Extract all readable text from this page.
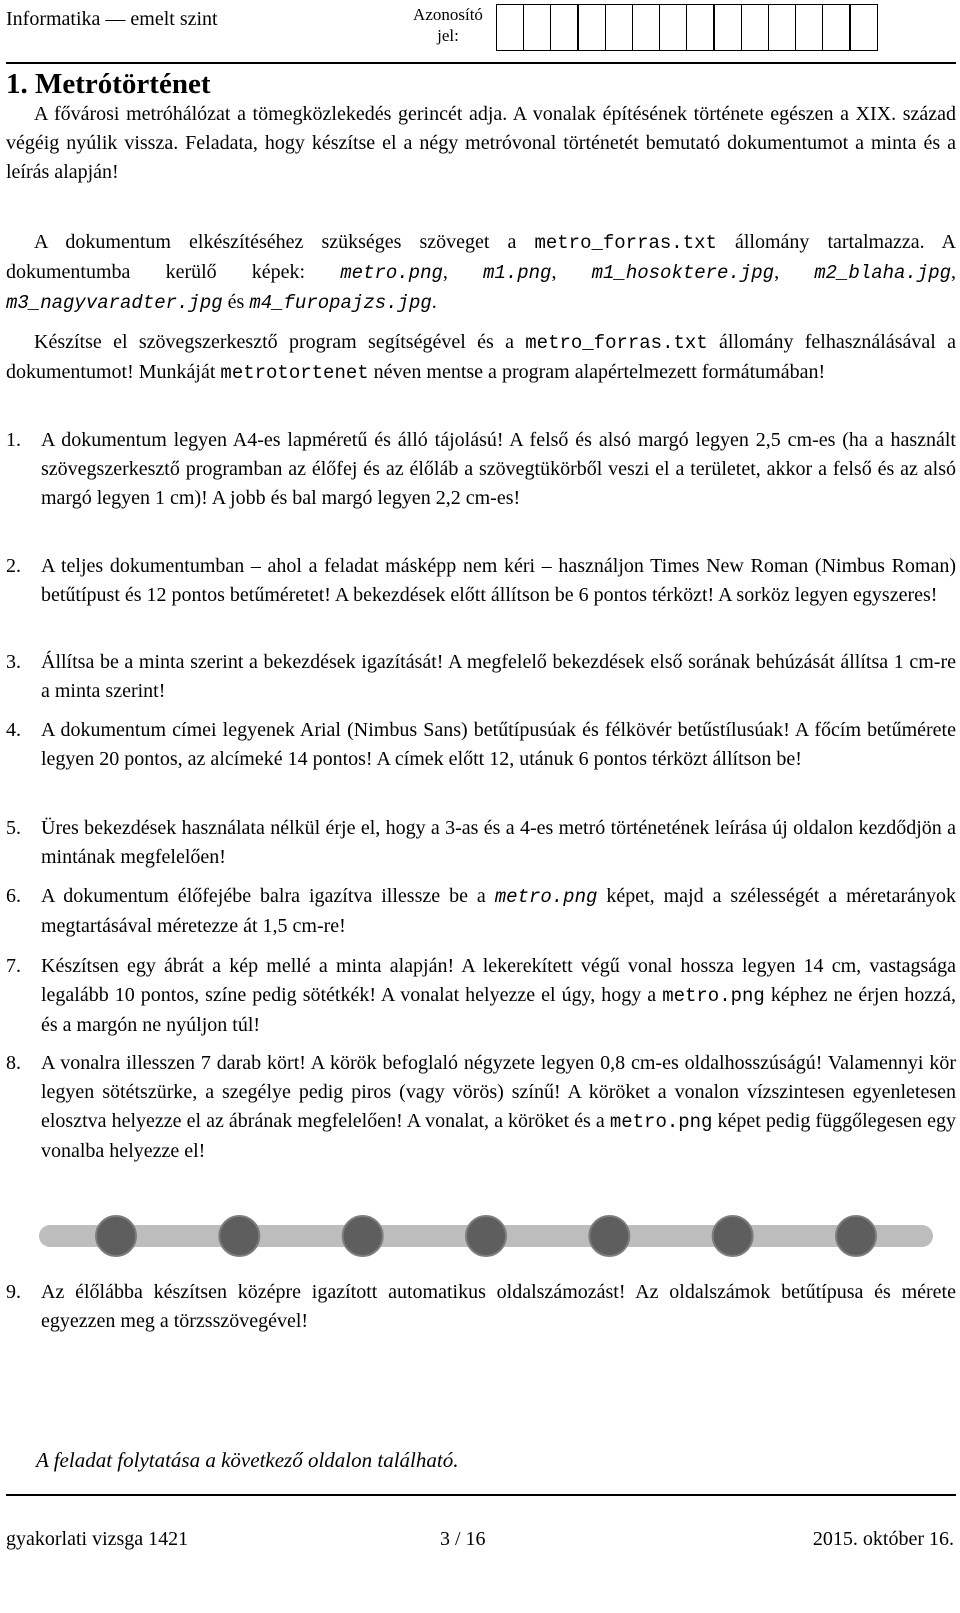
Informatika — emelt szint	Azonosító jel:
1. Metrótörténet
A fővárosi metróhálózat a tömegközlekedés gerincét adja. A vonalak építésének története egészen a XIX. század végéig nyúlik vissza. Feladata, hogy készítse el a négy metróvonal történetét bemutató dokumentumot a minta és a leírás alapján!
A dokumentum elkészítéséhez szükséges szöveget a metro_forras.txt állomány tartalmazza. A dokumentumba kerülő képek: metro.png, m1.png, m1_hosoktere.jpg, m2_blaha.jpg, m3_nagyvaradter.jpg és m4_furopajzs.jpg.
Készítse el szövegszerkesztő program segítségével és a metro_forras.txt állomány felhasználásával a dokumentumot! Munkáját metrotortenet néven mentse a program alapértelmezett formátumában!
1. A dokumentum legyen A4-es lapméretű és álló tájolású! A felső és alsó margó legyen 2,5 cm-es (ha a használt szövegszerkesztő programban az élőfej és az élőláb a szövegtükörből veszi el a területet, akkor a felső és az alsó margó legyen 1 cm)! A jobb és bal margó legyen 2,2 cm-es!
2. A teljes dokumentumban – ahol a feladat másképp nem kéri – használjon Times New Roman (Nimbus Roman) betűtípust és 12 pontos betűméretet! A bekezdések előtt állítson be 6 pontos térközt! A sorköz legyen egyszeres!
3. Állítsa be a minta szerint a bekezdések igazítását! A megfelelő bekezdések első sorának behúzását állítsa 1 cm-re a minta szerint!
4. A dokumentum címei legyenek Arial (Nimbus Sans) betűtípusúak és félkövér betűstílusúak! A főcím betűmérete legyen 20 pontos, az alcímeké 14 pontos! A címek előtt 12, utánuk 6 pontos térközt állítson be!
5. Üres bekezdések használata nélkül érje el, hogy a 3-as és a 4-es metró történetének leírása új oldalon kezdődjön a mintának megfelelően!
6. A dokumentum élőfejébe balra igazítva illessze be a metro.png képet, majd a szélességét a méretarányok megtartásával méretezze át 1,5 cm-re!
7. Készítsen egy ábrát a kép mellé a minta alapján! A lekerekített végű vonal hossza legyen 14 cm, vastagsága legalább 10 pontos, színe pedig sötétkék! A vonalat helyezze el úgy, hogy a metro.png képhez ne érjen hozzá, és a margón ne nyúljon túl!
8. A vonalra illesszen 7 darab kört! A körök befoglaló négyzete legyen 0,8 cm-es oldalhosszúságú! Valamennyi kör legyen sötétszürke, a szegélye pedig piros (vagy vörös) színű! A köröket a vonalon vízszintesen egyenletesen elosztva helyezze el az ábrának megfelelően! A vonalat, a köröket és a metro.png képet pedig függőlegesen egy vonalba helyezze el!
9. Az élőlábba készítsen középre igazított automatikus oldalszámozást! Az oldalszámok betűtípusa és mérete egyezzen meg a törzsszövegével!
A feladat folytatása a következő oldalon található.
gyakorlati vizsga 1421	3 / 16	2015. október 16.
